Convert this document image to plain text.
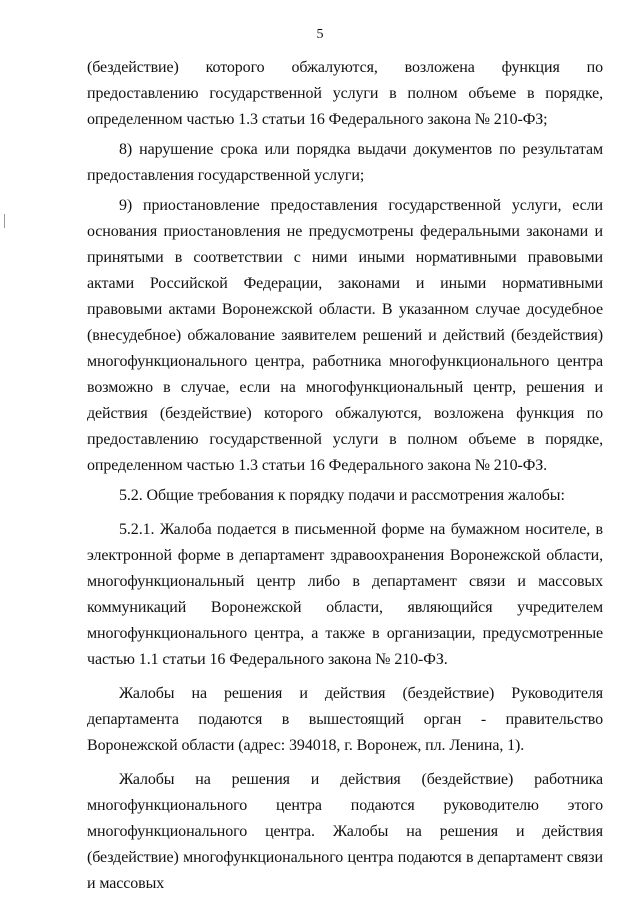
5

(бездействие) которого обжалуются, возложена функция по предоставлению государственной услуги в полном объеме в порядке, определенном частью 1.3 статьи 16 Федерального закона № 210-ФЗ;

8) нарушение срока или порядка выдачи документов по результатам предоставления государственной услуги;

9) приостановление предоставления государственной услуги, если основания приостановления не предусмотрены федеральными законами и принятыми в соответствии с ними иными нормативными правовыми актами Российской Федерации, законами и иными нормативными правовыми актами Воронежской области. В указанном случае досудебное (внесудебное) обжалование заявителем решений и действий (бездействия) многофункционального центра, работника многофункционального центра возможно в случае, если на многофункциональный центр, решения и действия (бездействие) которого обжалуются, возложена функция по предоставлению государственной услуги в полном объеме в порядке, определенном частью 1.3 статьи 16 Федерального закона № 210-ФЗ.

5.2. Общие требования к порядку подачи и рассмотрения жалобы:

5.2.1. Жалоба подается в письменной форме на бумажном носителе, в электронной форме в департамент здравоохранения Воронежской области, многофункциональный центр либо в департамент связи и массовых коммуникаций Воронежской области, являющийся учредителем многофункционального центра, а также в организации, предусмотренные частью 1.1 статьи 16 Федерального закона № 210-ФЗ.

Жалобы на решения и действия (бездействие) Руководителя департамента подаются в вышестоящий орган - правительство Воронежской области (адрес: 394018, г. Воронеж, пл. Ленина, 1).

Жалобы на решения и действия (бездействие) работника многофункционального центра подаются руководителю этого многофункционального центра. Жалобы на решения и действия (бездействие) многофункционального центра подаются в департамент связи и массовых
